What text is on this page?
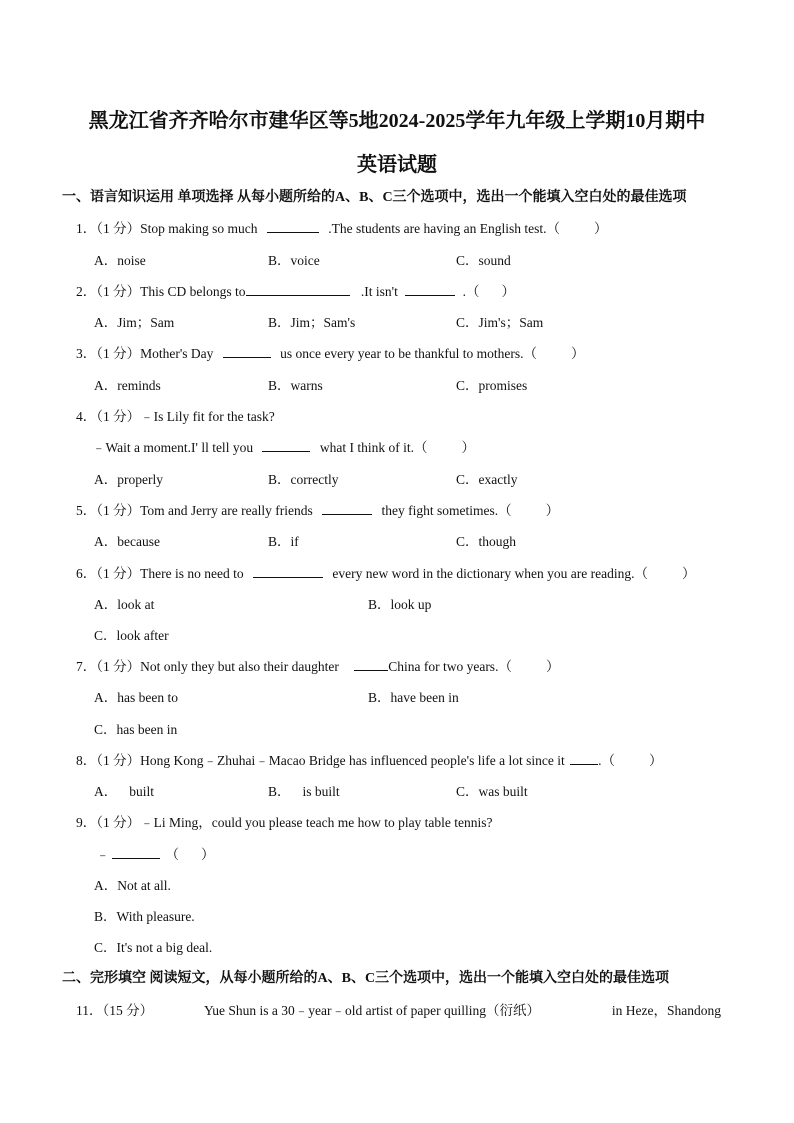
黑龙江省齐齐哈尔市建华区等5地2024-2025学年九年级上学期10月期中
英语试题
一、语言知识运用 单项选择 从每小题所给的A、B、C三个选项中，选出一个能填入空白处的最佳选项
1．（1 分）Stop making so much	.The students are having an English test.（	）
A．noise	B．voice	C．sound
2．（1 分）This CD belongs to	.It isn't	.（ ）
A．Jim；Sam	B．Jim；Sam's	C．Jim's；Sam
3．（1 分）Mother's Day	us once every year to be thankful to mothers.（	）
A．reminds	B．warns	C．promises
4．（1 分）﹣Is Lily fit for the task?
﹣Wait a moment.I' ll tell you	what I think of it.（	）
A．properly	B．correctly	C．exactly
5．（1 分）Tom and Jerry are really friends	they fight sometimes.（	）
A．because	B．if	C．though
6．（1 分）There is no need to	every new word in the dictionary when you are reading.（	）
A．look at	B．look up
C．look after
7．（1 分）Not only they but also their daughter	China for two years.（	）
A．has been to	B．have been in
C．has been in
8．（1 分）Hong Kong﹣Zhuhai﹣Macao Bridge has influenced people's life a lot since it .（	）
A． built	B． is built	C．was built
9．（1 分）﹣Li Ming，could you please teach me how to play table tennis?
﹣	（ ）
A．Not at all.
B．With pleasure.
C．It's not a big deal.
二、完形填空 阅读短文，从每小题所给的A、B、C三个选项中，选出一个能填入空白处的最佳选项
11．（15 分）	Yue Shun is a 30﹣year﹣old artist of paper quilling（衍纸）	in Heze，Shandong
